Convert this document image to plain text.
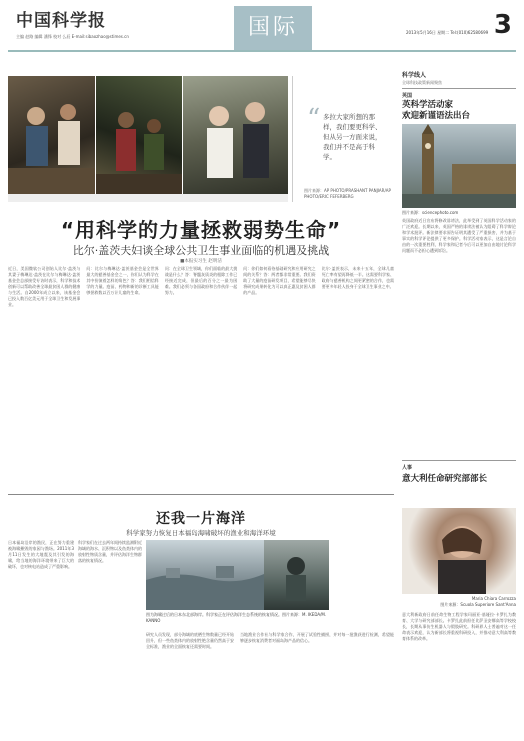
中国科学报
主编 赵路 编辑 潘锋 校对 么辰 E-mail:sibaozhao@stimes.cn	国际	2013年5月16日 星期二 Tel:(010)62580699 3
“ 多拉大家所想的那样，我们要更科学、但从另一方面来说，我们并不是高于科学。
图片来源：AP PHOTO/PRASHANT PANJIAR/AP PHOTO/ERIC FEFERBERG
“用科学的力量拯救弱势生命”
比尔·盖茨夫妇谈全球公共卫生事业面临的机遇及挑战
■本报实习生 赵明洁
近日，美国微软公司创始人比尔·盖茨与其妻子梅琳达·盖茨在比尔与梅琳达·盖茨基金会总部接受专访时表示，科学和技术创新可以帮助改善全球最贫困人群的健康与生活。自2000年成立以来，该基金会已投入数百亿美元用于全球卫生和发展事业。
问：比尔与梅琳达·盖茨基金会是全世界最大的慈善基金会之一，你们认为科学在其中扮演着怎样的角色？答：我们相信科学的力量。疫苗、药物和新的诊断工具能够拯救数以百万计儿童的生命。
问：在全球卫生领域，你们面临的最大挑战是什么？答：脊髓灰质炎的根除工作已经接近完成，但最后的百分之一最为困难。我们必须与各国政府和合作伙伴一起努力。
问：你们如何看待基础研究和应用研究之间的关系？答：两者都非常重要。我们资助了大量的疫苗研发项目，希望能够尽快将研究成果转化为可以真正惠及贫困人群的产品。
比尔·盖茨表示，未来十五年，全球儿童死亡率有望再降低一半。这需要科学家、政府与慈善机构之间更紧密的合作，也需要更多年轻人投身于全球卫生事业之中。
还我一片海洋
科学家努力恢复日本福岛海啸破坏的渔业和海洋环境
日本福岛沿岸的渔民，正在努力重建被海啸摧毁的家园与渔场。2011年3月11日发生的大地震及其引发的海啸，给当地的海洋环境带来了巨大的破坏，也对核电站造成了严重影响。
科学家们在过去两年间持续监测附近海域的海水、沉积物以及鱼类体内的放射性物质含量，并评估海洋生物群落的恢复情况。
图为海啸过后的日本东北部海岸。科学家正在评估海洋生态系统的恢复情况。图片来源：M. IKEDA/M. KANNO
研究人员发现，部分海域的底栖生物数量已经开始回升，但一些鱼类体内的放射性铯含量仍然高于安全标准，渔业的全面恢复还需要时间。
当地渔业合作社与科学家合作，开展了试验性捕捞，并对每一批渔获进行检测，希望能够逐步恢复消费者对福岛海产品的信心。
科学线人
全球科技政策新闻聚焦
英国
英科学活动家
欢迎新谨语法出台
图片来源：sciencephoto.com
英国政府近日宣布将修改诽谤法，此举受到了英国科学活动家的广泛欢迎。长期以来，英国严格的诽谤法被认为阻碍了科学辩论和学术批评。新法律要求原告证明其遭受了严重损害，并为基于事实的科学评论提供了更多保护。科学活动家表示，这是言论自由的一次重要胜利，科学家和记者今后可以更加自由地讨论科学问题而不必担心遭到诉讼。
人事
意大利任命研究部部长
Maria Chiara Carrozza
图片来源：Scuola Superiore Sant'Anna
意大利新政府日前任命生物工程学家玛丽亚·基娅拉·卡罗扎为教育、大学与研究部部长。卡罗扎此前担任比萨圣安娜高等学校校长，长期从事仿生机器人与假肢研究。科研界人士普遍对这一任命表示欢迎，认为新部长将重视科研投入，并推动意大利高等教育体系的改革。
